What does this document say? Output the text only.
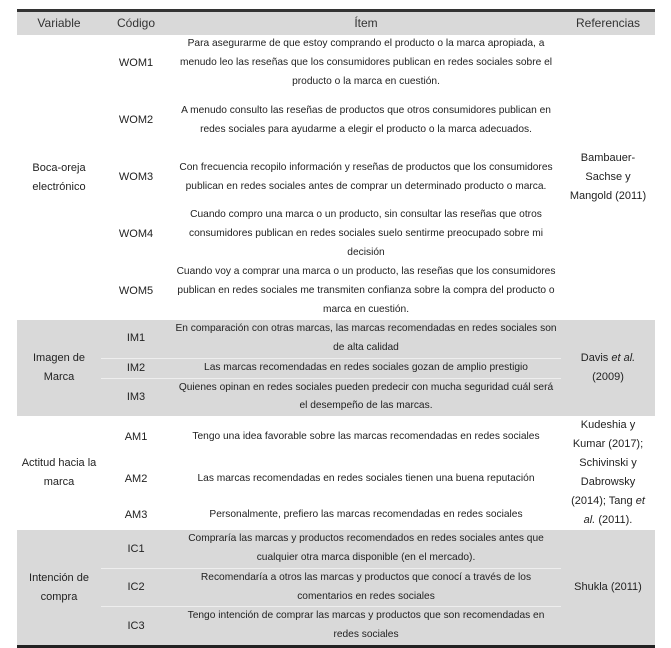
Variable	Código	Ítem	Referencias
Boca-oreja electrónico	WOM1	Para asegurarme de que estoy comprando el producto o la marca apropiada, a menudo leo las reseñas que los consumidores publican en redes sociales sobre el producto o la marca en cuestión.	Bambauer-Sachse y Mangold (2011)
	WOM2	A menudo consulto las reseñas de productos que otros consumidores publican en redes sociales para ayudarme a elegir el producto o la marca adecuados.	
	WOM3	Con frecuencia recopilo información y reseñas de productos que los consumidores publican en redes sociales antes de comprar un determinado producto o marca.	
	WOM4	Cuando compro una marca o un producto, sin consultar las reseñas que otros consumidores publican en redes sociales suelo sentirme preocupado sobre mi decisión	
	WOM5	Cuando voy a comprar una marca o un producto, las reseñas que los consumidores publican en redes sociales me transmiten confianza sobre la compra del producto o marca en cuestión.	
Imagen de Marca	IM1	En comparación con otras marcas, las marcas recomendadas en redes sociales son de alta calidad	Davis et al. (2009)
	IM2	Las marcas recomendadas en redes sociales gozan de amplio prestigio	
	IM3	Quienes opinan en redes sociales pueden predecir con mucha seguridad cuál será el desempeño de las marcas.	
Actitud hacia la marca	AM1	Tengo una idea favorable sobre las marcas recomendadas en redes sociales	Kudeshia y Kumar (2017); Schivinski y Dabrowsky (2014); Tang et al. (2011).
	AM2	Las marcas recomendadas en redes sociales tienen una buena reputación	
	AM3	Personalmente, prefiero las marcas recomendadas en redes sociales	
Intención de compra	IC1	Compraría las marcas y productos recomendados en redes sociales antes que cualquier otra marca disponible (en el mercado).	Shukla (2011)
	IC2	Recomendaría a otros las marcas y productos que conocí a través de los comentarios en redes sociales	
	IC3	Tengo intención de comprar las marcas y productos que son recomendadas en redes sociales	
